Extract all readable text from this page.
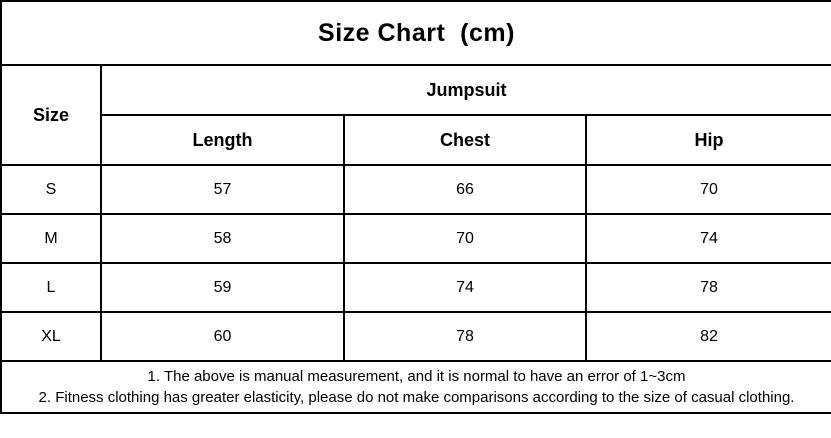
Size Chart  (cm)			
Size	Jumpsuit		
	Length	Chest	Hip
S	57	66	70
M	58	70	74
L	59	74	78
XL	60	78	82

1. The above is manual measurement, and it is normal to have an error of 1~3cm
2. Fitness clothing has greater elasticity, please do not make comparisons according to the size of casual clothing.			
